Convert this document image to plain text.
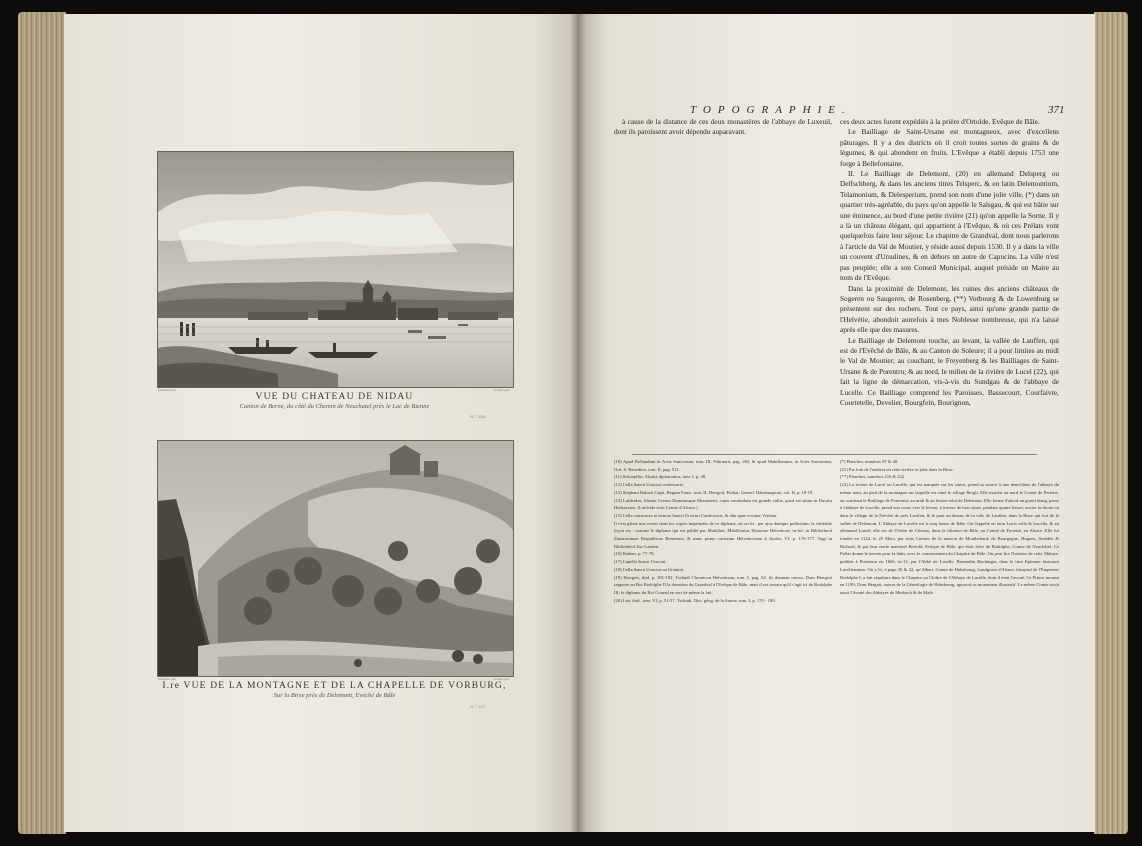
Dessiné par	Gravé par
VUE DU CHATEAU DE NIDAU
Canton de Berne, du côté du Chemin de Neuchatel près le Lac de Bienne
N.° 246
Dessiné par	Gravé par
I.re VUE DE LA MONTAGNE ET DE LA CHAPELLE DE VORBURG,
Sur la Birse près de Delemont, Evéché de Bâle
N.° 247
TOPOGRAPHIE.	371

à cause de la distance de ces deux monastères de l'abbaye de Luxeuil, dont ils paroissent avoir dépendu auparavant.

ces deux actes furent expédiés à la prière d'Ortolde, Evêque de Bâle.

Le Bailliage de Saint-Ursane est montagneux, avec d'excellens pâturages. Il y a des districts où il croit toutes sortes de grains & de légumes, & qui abondent en fruits. L'Evêque a établi depuis 1753 une forge à Bellefontaine.

II. Le Bailliage de Delemont, (20) en allemand Delsperg ou Delfschberg, & dans les anciens titres Telsperc, & en latin Delemontium, Telamonium, & Delesperium, prend son nom d'une jolie ville, (*) dans un quartier très-agréable, du pays qu'on appelle le Salsgau, & qui est bâtie sur une éminence, au bord d'une petite rivière (21) qu'on appelle la Sorne. Il y a là un château élégant, qui appartient à l'Evêque, & où ces Prélats vont quelquefois faire leur séjour. Le chapitre de Grandval, dont nous parlerons à l'article du Val de Moutier, y réside aussi depuis 1530. Il y a dans la ville un couvent d'Ursulines, & en dehors un autre de Capucins. La ville n'est pas peuplée; elle a son Conseil Municipal, auquel préside un Maire au nom de l'Evêque.

Dans la proximité de Delemont, les ruines des anciens châteaux de Sogeren ou Saugeren, de Rosenberg, (**) Vorbourg & de Lowenburg se présentent sur des rochers. Tout ce pays, ainsi qu'une grande partie de l'Helvétie, abondoit autrefois à mes Noblesse nombreuse, qui n'a laissé après elle que des masures.

Le Bailliage de Delemont touche, au levant, la vallée de Lauffen, qui est de l'Evêché de Bâle, & au Canton de Soleure; il a pour limites au midi le Val de Moutier; au couchant, le Freyenberg & les Bailliages de Saint-Ursane & de Porentru; & au nord, le milieu de la rivière de Lucel (22), qui fait la ligne de démarcation, vis-à-vis du Sundgau & de l'abbaye de Lucelle. Ce Bailliage comprend les Paroisses, Bassecourt, Courfaivre, Courtetelle, Develier, Bourgfein, Bourignon,

(10) Apud Bollandum in Actis Sanctorum, tom. III, Februarii, pag. 263, & apud Mabillonium, in Actis Sanctorum, Ord. S. Benedicti, tom. II, pag. 511.
(11) Schoepflin, Alsatia diplomatica, tom. I, p. 49.
(12) Cella Sancti Ursicini confessoris.
(13) Stephani Baluzii Capit. Regum Franc. tom. II, Herrgott, Probat. Geneal. Habsburgicae, vol. II, p. 18-19.
(14) Luitfridus, illuster Comes Dominusque Monasterii, cujus vocabulum est grande vallis, quod est situm in Ducatu Helisacensi, (Luitfride étoit Comte d'Alsace.)
(15) Cella constructa in honore Sancti Ursicini Confessoris, & alia quae vocatur Vertena.
Il s'est glissé une erreur dans les copies imprimées de ce diplome, où on lit : per ejus denique pollicitum; la véritable leçon est : suivant le diplome qui est publié par Mabillon. Mabillonius Historiae Helveticae, in-fol. in Bibliothecâ illustrissimae Reipublicae Bernensis, & nunc primo carterum Helveticorum à Jacobo VI, p. 176-177. Tugi in Bibliothecâ Zur-Lauben.
(16) Ibidem, p. 77-78.
(17) Capella Sancti Ursicini.
(18) Cella Sancti Ursicini ou Ursinini.
(19) Herrgott, ibid. p. 181-182. Tschudi Chronicon Helveticum, tom. I, pag. 62. ils donnent raison. Dom Herrgott rapporte au Roi Rodolphe II la donation du Grandval à l'Evêque de Bâle, mais il est certain qu'il s'agit ici de Rodolphe III; le diplome du Roi Conrad en sert de même la fait.
(20) Leu, ibid., tom. VI, p. 51-57. Tschudi, Dict. géog. de la Suisse, tom. I, p. 170 - 180.
(*) Planches, numéros 97 & 40.
(21) Par loin de l'endroit où cette rivière se jette dans la Birse.
(**) Planches, numéros 216 & 222.
(22) La rivière de Lucel ou Lucelle, qui est marquée sur les cartes, prend sa source à une demi-lieue de l'abbaye du même nom, au pied de la montagne sur laquelle est situé le village Bergli. Elle marche au nord le Comté de Ferrette, au couchant le Bailliage de Porentrui; au midi & au levant celui de Delemont. Elle forme d'abord un grand étang, passe à l'abbaye de Lucelle, prend son cours vers le levant, à travers de bois épais, pendant quatre lieues; arrose la droite ou dans le village de la Prévôté de près Lauffen, & le pont au-dessus de la ville de Lauffen, dans la Birse qui fort de la vallée de Delemont. L'Abbaye de Lucelle est à cinq lieues de Bâle. On l'appelle en latin Lucis cella & Lucella, & en allemand Lutzel; elle est de l'Ordre de Citeaux, dans la filiation de Bâle, au Comté de Ferrette, en Alsace. Elle fut fondée en 1124, le 25 Mars, par trois Comtes de la maison de Montbeliard, de Bourgogne, Hugues, Amédée & Richard, & par leur oncle maternel Bertold, Evêque de Bâle, qui étoit frère de Rodolphe, Comte de Neuchâtel. Ce Prélat donna le terrein pour la bâtir, avec le consentement du Chapitre de Bâle. On peut lire l'histoire de cette Abbaye, publiée à Porentrui en 1666, in-12, par l'Abbé de Lucelle, Bernardin Buchinger, dans le titre Epitome fastorum Lucellensium. On y lit, à page 20 & 32, qu'Albert, Comte de Habsbourg, Landgrave d'Alsace, bisayeul de l'Empereur Rodolphe I, a fait sépulture dans le Chapitre ou Cloître de l'Abbaye de Lucelle, dont il étoit l'avoué. Ce Prince mourut en 1199; Dom Hergott, auteur de la Généalogie de Habsbourg, ignoroit ce monument illustratif. Le même Comte avoit aussi l'Avoué des Abbayes de Murbach & de Mafe.
